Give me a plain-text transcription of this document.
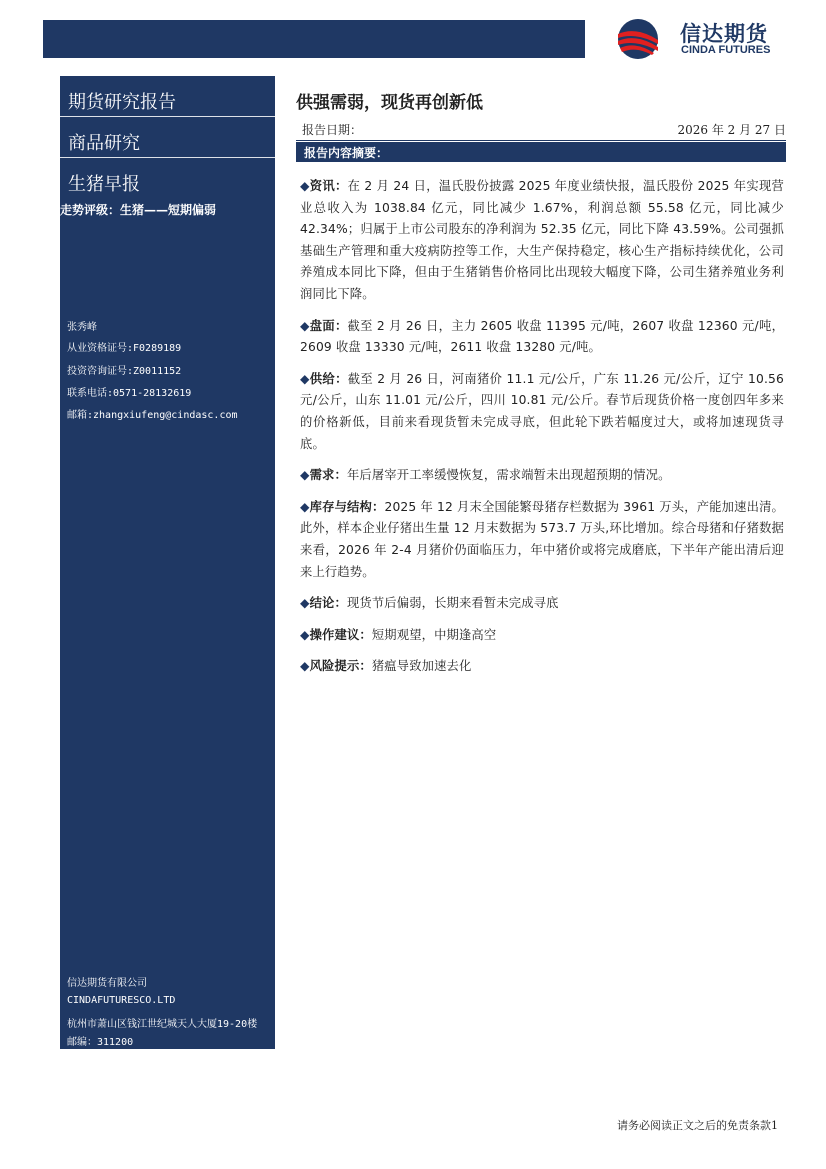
信达期货
CINDA FUTURES
期货研究报告
商品研究
生猪早报
走势评级：生猪——短期偏弱
张秀峰
从业资格证号:F0289189
投资咨询证号:Z0011152
联系电话:0571-28132619
邮箱:zhangxiufeng@cindasc.com
信达期货有限公司
CINDAFUTURESCO.LTD
杭州市萧山区钱江世纪城天人大厦19-20楼
邮编：311200
供强需弱，现货再创新低
报告日期：	2026 年 2 月 27 日
报告内容摘要：

◆资讯：在 2 月 24 日，温氏股份披露 2025 年度业绩快报，温氏股份 2025 年实现营业总收入为 1038.84 亿元，同比减少 1.67%，利润总额 55.58 亿元，同比减少 42.34%；归属于上市公司股东的净利润为 52.35 亿元，同比下降 43.59%。公司强抓基础生产管理和重大疫病防控等工作，大生产保持稳定，核心生产指标持续优化，公司养殖成本同比下降，但由于生猪销售价格同比出现较大幅度下降，公司生猪养殖业务利润同比下降。

◆盘面：截至 2 月 26 日，主力 2605 收盘 11395 元/吨，2607 收盘 12360 元/吨，2609 收盘 13330 元/吨，2611 收盘 13280 元/吨。

◆供给：截至 2 月 26 日，河南猪价 11.1 元/公斤，广东 11.26 元/公斤，辽宁 10.56 元/公斤，山东 11.01 元/公斤，四川 10.81 元/公斤。春节后现货价格一度创四年多来的价格新低，目前来看现货暂未完成寻底，但此轮下跌若幅度过大，或将加速现货寻底。

◆需求：年后屠宰开工率缓慢恢复，需求端暂未出现超预期的情况。

◆库存与结构：2025 年 12 月末全国能繁母猪存栏数据为 3961 万头，产能加速出清。此外，样本企业仔猪出生量 12 月末数据为 573.7 万头,环比增加。综合母猪和仔猪数据来看，2026 年 2-4 月猪价仍面临压力，年中猪价或将完成磨底，下半年产能出清后迎来上行趋势。

◆结论：现货节后偏弱，长期来看暂未完成寻底

◆操作建议：短期观望，中期逢高空

◆风险提示：猪瘟导致加速去化

请务必阅读正文之后的免责条款1
